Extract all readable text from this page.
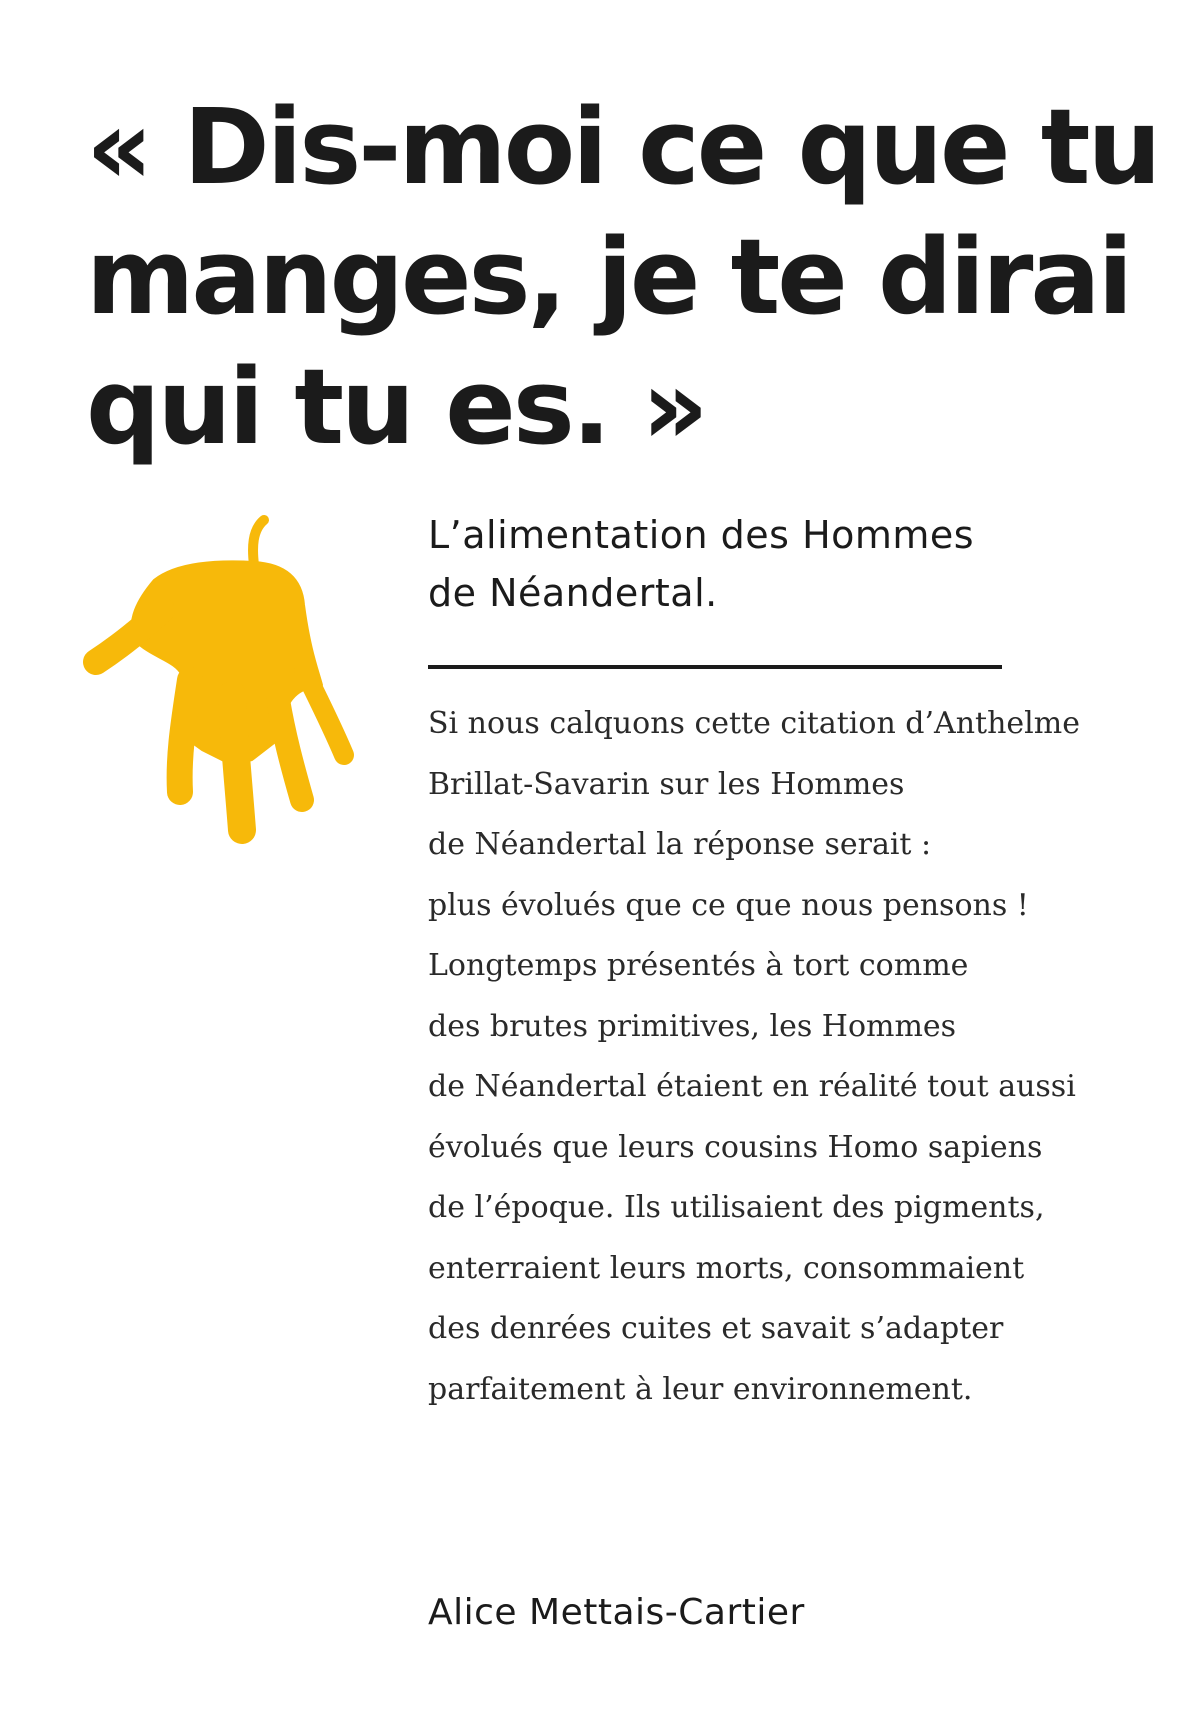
« Dis-moi ce que tu
manges, je te dirai
qui tu es. »
L’alimentation des Hommes
de Néandertal.

Si nous calquons cette citation d’Anthelme
Brillat-Savarin sur les Hommes
de Néandertal la réponse serait :
plus évolués que ce que nous pensons !
Longtemps présentés à tort comme
des brutes primitives, les Hommes
de Néandertal étaient en réalité tout aussi
évolués que leurs cousins Homo sapiens
de l’époque. Ils utilisaient des pigments,
enterraient leurs morts, consommaient
des denrées cuites et savait s’adapter
parfaitement à leur environnement.

Alice Mettais-Cartier
